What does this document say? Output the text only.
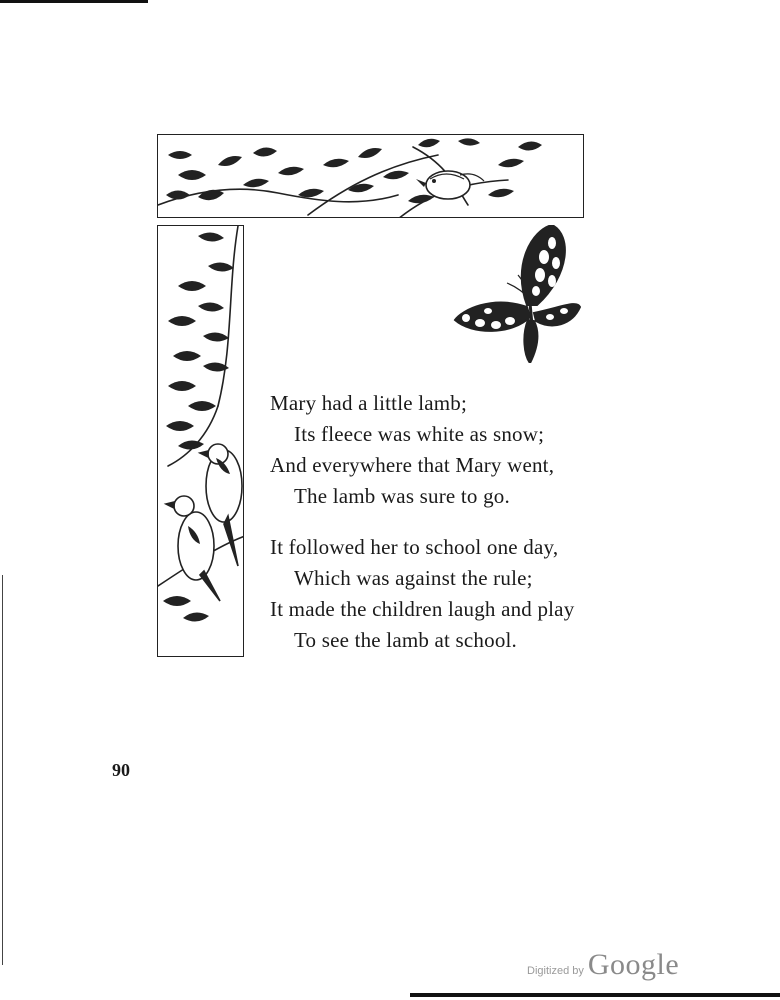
Mary had a little lamb;
Its fleece was white as snow;
And everywhere that Mary went,
The lamb was sure to go.
It followed her to school one day,
Which was against the rule;
It made the children laugh and play
To see the lamb at school.
90
Digitized by Google
